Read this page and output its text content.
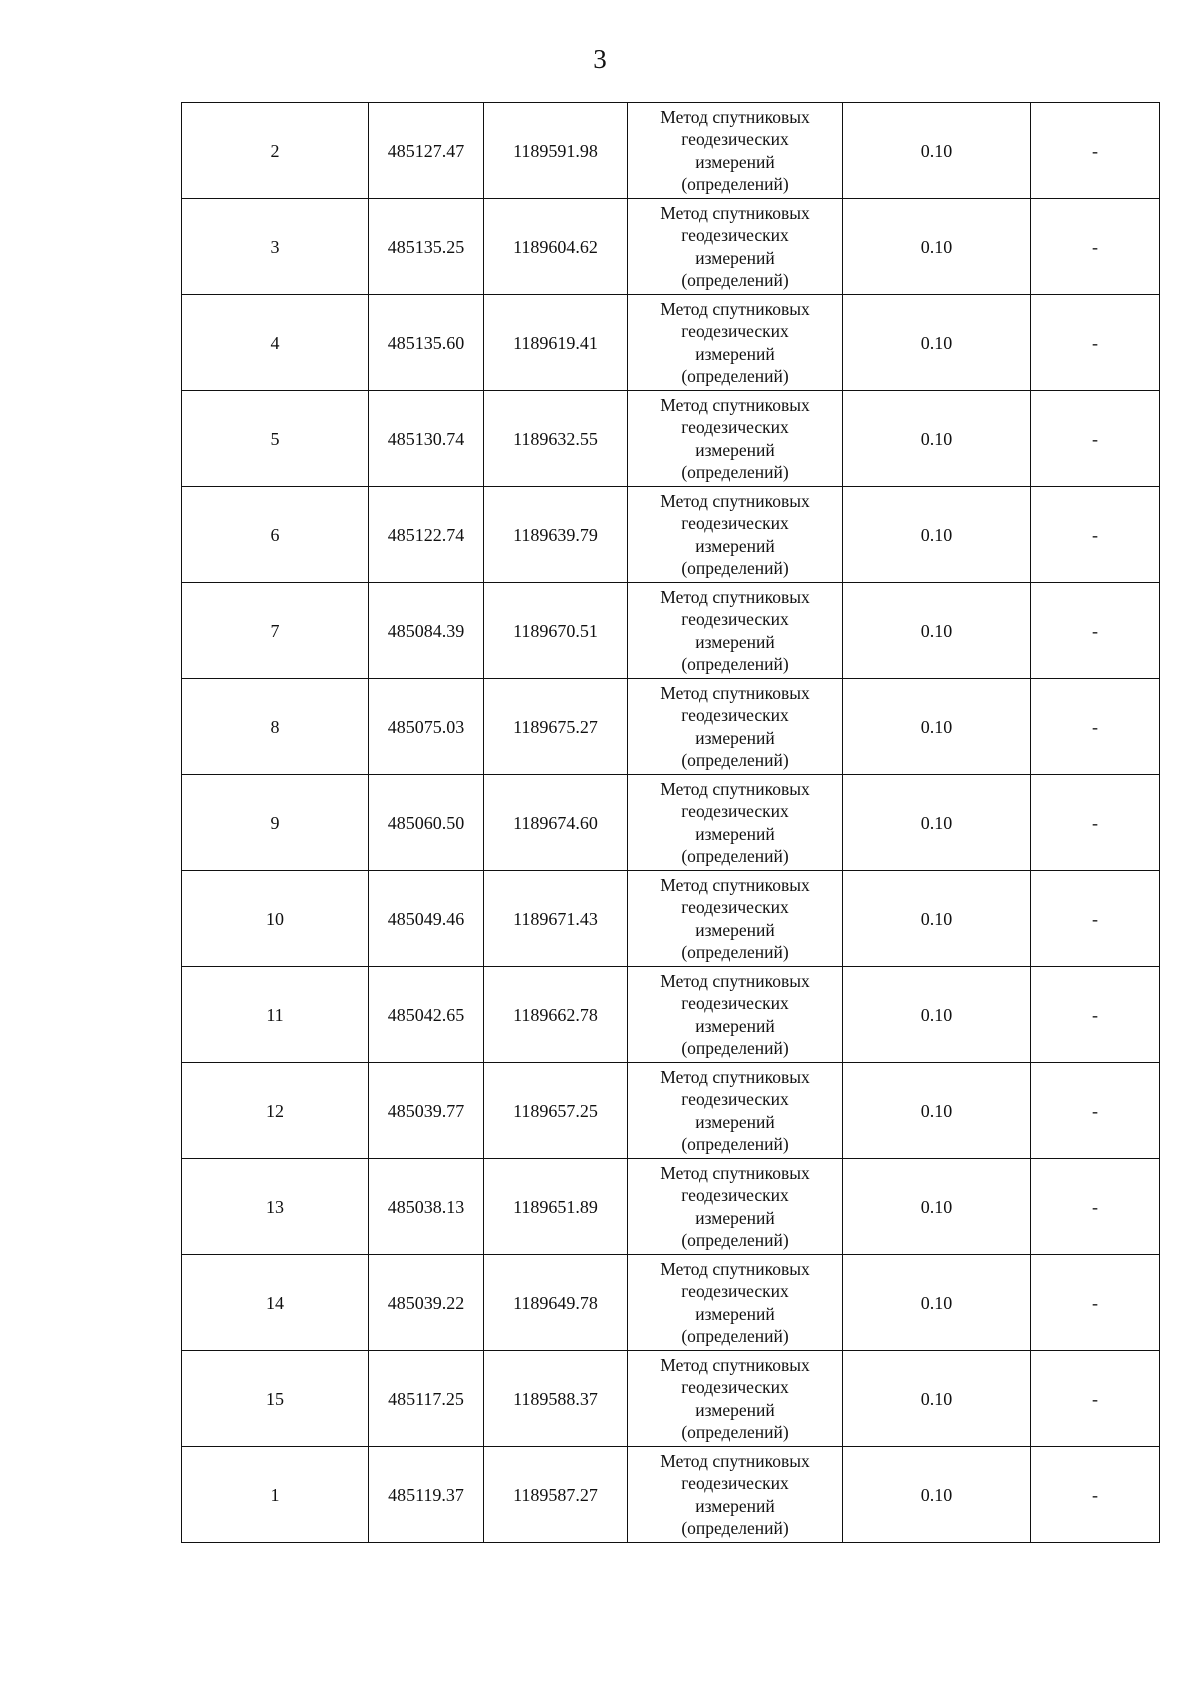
3
2	485127.47	1189591.98	Метод спутниковых
геодезических
измерений
(определений)	0.10	-
3	485135.25	1189604.62	Метод спутниковых
геодезических
измерений
(определений)	0.10	-
4	485135.60	1189619.41	Метод спутниковых
геодезических
измерений
(определений)	0.10	-
5	485130.74	1189632.55	Метод спутниковых
геодезических
измерений
(определений)	0.10	-
6	485122.74	1189639.79	Метод спутниковых
геодезических
измерений
(определений)	0.10	-
7	485084.39	1189670.51	Метод спутниковых
геодезических
измерений
(определений)	0.10	-
8	485075.03	1189675.27	Метод спутниковых
геодезических
измерений
(определений)	0.10	-
9	485060.50	1189674.60	Метод спутниковых
геодезических
измерений
(определений)	0.10	-
10	485049.46	1189671.43	Метод спутниковых
геодезических
измерений
(определений)	0.10	-
11	485042.65	1189662.78	Метод спутниковых
геодезических
измерений
(определений)	0.10	-
12	485039.77	1189657.25	Метод спутниковых
геодезических
измерений
(определений)	0.10	-
13	485038.13	1189651.89	Метод спутниковых
геодезических
измерений
(определений)	0.10	-
14	485039.22	1189649.78	Метод спутниковых
геодезических
измерений
(определений)	0.10	-
15	485117.25	1189588.37	Метод спутниковых
геодезических
измерений
(определений)	0.10	-
1	485119.37	1189587.27	Метод спутниковых
геодезических
измерений
(определений)	0.10	-
